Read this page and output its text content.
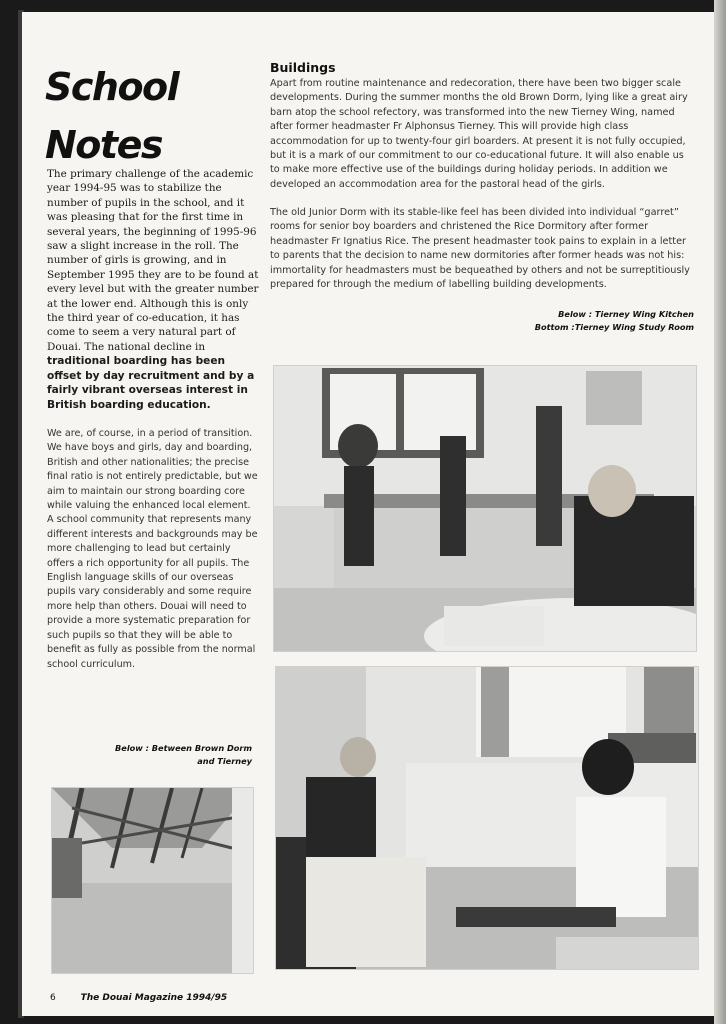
School
Notes

The primary challenge of the academic year 1994-95 was to stabilize the number of pupils in the school, and it was pleasing that for the first time in several years, the beginning of 1995-96 saw a slight increase in the roll. The number of girls is growing, and in September 1995 they are to be found at every level but with the greater number at the lower end. Although this is only the third year of co-education, it has come to seem a very natural part of Douai. The national decline in traditional boarding has been offset by day recruitment and by a fairly vibrant overseas interest in British boarding education.

We are, of course, in a period of transition. We have boys and girls, day and boarding, British and other nationalities; the precise final ratio is not entirely predictable, but we aim to maintain our strong boarding core while valuing the enhanced local element. A school community that represents many different interests and backgrounds may be more challenging to lead but certainly offers a rich opportunity for all pupils. The English language skills of our overseas pupils vary considerably and some require more help than others. Douai will need to provide a more systematic preparation for such pupils so that they will be able to benefit as fully as possible from the normal school curriculum.

Buildings

Apart from routine maintenance and redecoration, there have been two bigger scale developments. During the summer months the old Brown Dorm, lying like a great airy barn atop the school refectory, was transformed into the new Tierney Wing, named after former headmaster Fr Alphonsus Tierney. This will provide high class accommodation for up to twenty-four girl boarders. At present it is not fully occupied, but it is a mark of our commitment to our co-educational future. It will also enable us to make more effective use of the buildings during holiday periods. In addition we developed an accommodation area for the pastoral head of the girls.

The old Junior Dorm with its stable-like feel has been divided into individual “garret” rooms for senior boy boarders and christened the Rice Dormitory after former headmaster Fr Ignatius Rice. The present headmaster took pains to explain in a letter to parents that the decision to name new dormitories after former heads was not his: immortality for headmasters must be bequeathed by others and not be surreptitiously prepared for through the medium of labelling building developments.

Below : Tierney Wing Kitchen
Bottom :Tierney Wing Study Room
Below : Between Brown Dorm
and Tierney
6	The Douai Magazine 1994/95
